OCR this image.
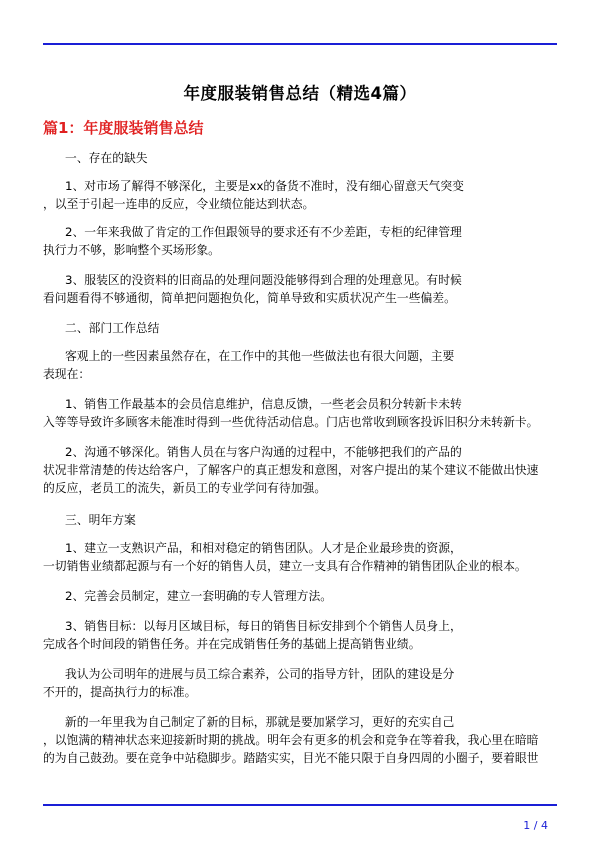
年度服装销售总结（精选4篇）
篇1：年度服装销售总结
一、存在的缺失
1、对市场了解得不够深化，主要是xx的备货不准时，没有细心留意天气突变
，以至于引起一连串的反应，令业绩位能达到状态。
2、一年来我做了肯定的工作但跟领导的要求还有不少差距，专柜的纪律管理
执行力不够，影响整个买场形象。
3、服装区的没资料的旧商品的处理问题没能够得到合理的处理意见。有时候
看问题看得不够通彻，简单把问题抱负化，简单导致和实质状况产生一些偏差。
二、部门工作总结
客观上的一些因素虽然存在，在工作中的其他一些做法也有很大问题，主要
表现在：
1、销售工作最基本的会员信息维护，信息反馈，一些老会员积分转新卡未转
入等等导致许多顾客未能准时得到一些优待活动信息。门店也常收到顾客投诉旧积分未转新卡。
2、沟通不够深化。销售人员在与客户沟通的过程中，不能够把我们的产品的
状况非常清楚的传达给客户，了解客户的真正想发和意图，对客户提出的某个建议不能做出快速
的反应，老员工的流失，新员工的专业学问有待加强。
三、明年方案
1、建立一支熟识产品，和相对稳定的销售团队。人才是企业最珍贵的资源，
一切销售业绩都起源与有一个好的销售人员，建立一支具有合作精神的销售团队企业的根本。
2、完善会员制定，建立一套明确的专人管理方法。
3、销售目标：以每月区域目标，每日的销售目标安排到个个销售人员身上，
完成各个时间段的销售任务。并在完成销售任务的基础上提高销售业绩。
我认为公司明年的进展与员工综合素养，公司的指导方针，团队的建设是分
不开的，提高执行力的标准。
新的一年里我为自己制定了新的目标，那就是要加紧学习，更好的充实自己
，以饱满的精神状态来迎接新时期的挑战。明年会有更多的机会和竞争在等着我，我心里在暗暗
的为自己鼓劲。要在竞争中站稳脚步。踏踏实实，目光不能只限于自身四周的小圈子，要着眼世
1 / 4
